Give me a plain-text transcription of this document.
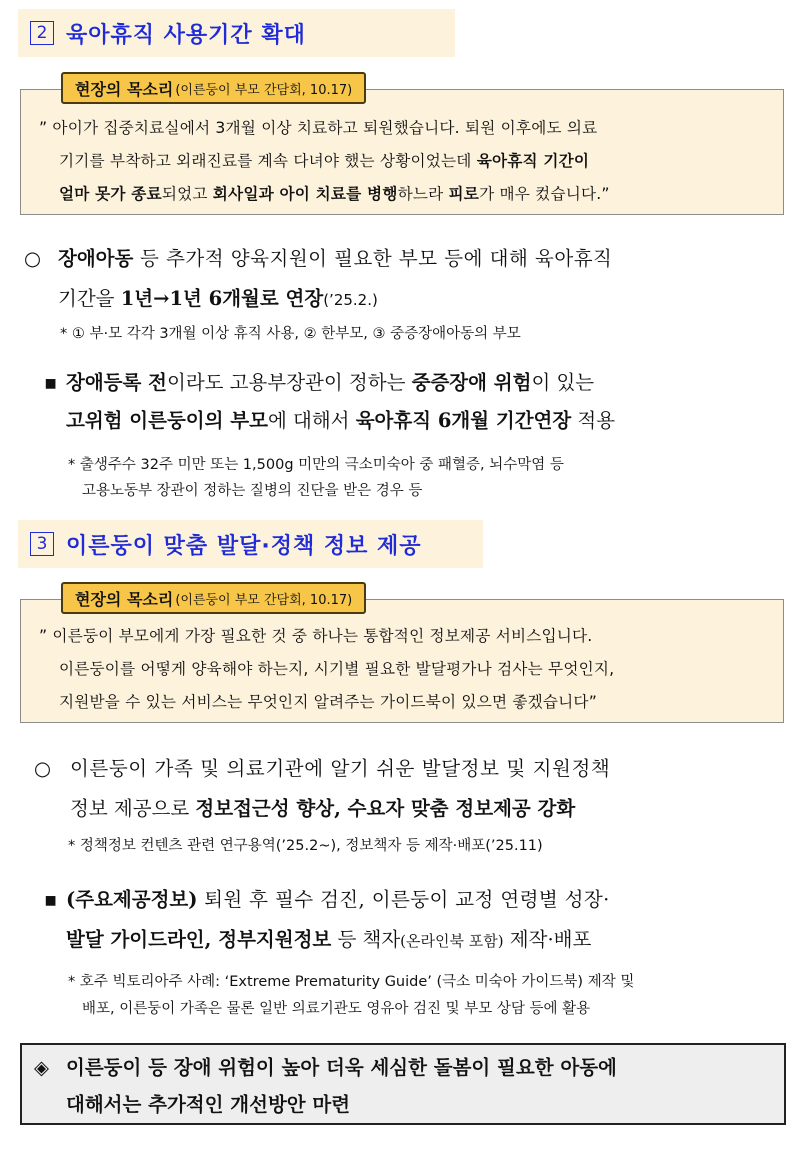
2 육아휴직 사용기간 확대
현장의 목소리 (이른둥이 부모 간담회, 10.17)
” 아이가 집중치료실에서 3개월 이상 치료하고 퇴원했습니다. 퇴원 이후에도 의료
기기를 부착하고 외래진료를 계속 다녀야 했는 상황이었는데 육아휴직 기간이
얼마 못가 종료되었고 회사일과 아이 치료를 병행하느라 피로가 매우 컸습니다.”
○ 장애아동 등 추가적 양육지원이 필요한 부모 등에 대해 육아휴직
기간을 1년→1년 6개월로 연장(’25.2.)
* ① 부·모 각각 3개월 이상 휴직 사용, ② 한부모, ③ 중증장애아동의 부모
▪ 장애등록 전이라도 고용부장관이 정하는 중증장애 위험이 있는
고위험 이른둥이의 부모에 대해서 육아휴직 6개월 기간연장 적용
* 출생주수 32주 미만 또는 1,500g 미만의 극소미숙아 중 패혈증, 뇌수막염 등
고용노동부 장관이 정하는 질병의 진단을 받은 경우 등
3 이른둥이 맞춤 발달·정책 정보 제공
현장의 목소리 (이른둥이 부모 간담회, 10.17)
” 이른둥이 부모에게 가장 필요한 것 중 하나는 통합적인 정보제공 서비스입니다.
이른둥이를 어떻게 양육해야 하는지, 시기별 필요한 발달평가나 검사는 무엇인지,
지원받을 수 있는 서비스는 무엇인지 알려주는 가이드북이 있으면 좋겠습니다”
○ 이른둥이 가족 및 의료기관에 알기 쉬운 발달정보 및 지원정책
정보 제공으로 정보접근성 향상, 수요자 맞춤 정보제공 강화
* 정책정보 컨텐츠 관련 연구용역(’25.2~), 정보책자 등 제작·배포(’25.11)
▪ (주요제공정보) 퇴원 후 필수 검진, 이른둥이 교정 연령별 성장·
발달 가이드라인, 정부지원정보 등 책자(온라인북 포함) 제작·배포
* 호주 빅토리아주 사례: ‘Extreme Prematurity Guide’ (극소 미숙아 가이드북) 제작 및
배포, 이른둥이 가족은 물론 일반 의료기관도 영유아 검진 및 부모 상담 등에 활용
◈ 이른둥이 등 장애 위험이 높아 더욱 세심한 돌봄이 필요한 아동에
대해서는 추가적인 개선방안 마련
